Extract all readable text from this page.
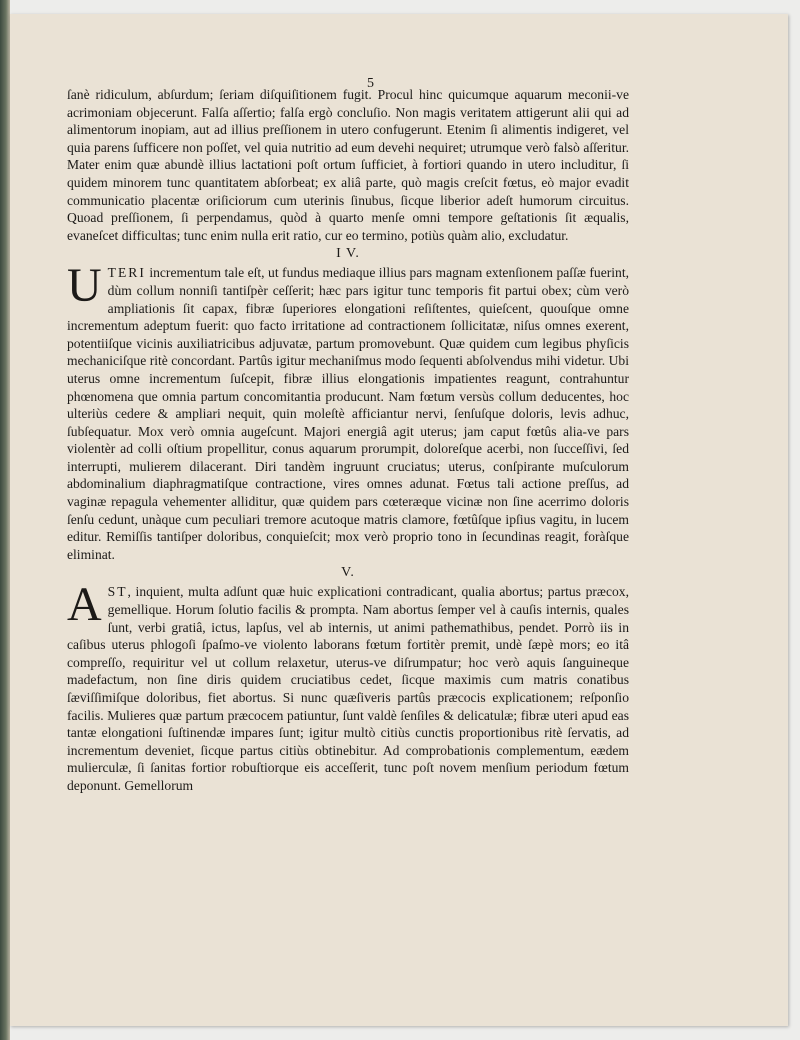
5

ſanè ridiculum, abſurdum; ſeriam diſquiſitionem fugit. Procul hinc quicumque aquarum meconii-ve acrimoniam objecerunt. Falſa aſſertio; falſa ergò concluſio. Non magis veritatem attigerunt alii qui ad alimentorum inopiam, aut ad illius preſſionem in utero confugerunt. Etenim ſi alimentis indigeret, vel quia parens ſufficere non poſſet, vel quia nutritio ad eum devehi nequiret; utrumque verò falsò aſſeritur. Mater enim quæ abundè illius lactationi poſt ortum ſufficiet, à fortiori quando in utero includitur, ſi quidem minorem tunc quantitatem abſorbeat; ex aliâ parte, quò magis creſcit fœtus, eò major evadit communicatio placentæ oriſiciorum cum uterinis ſinubus, ſicque liberior adeſt humorum circuitus. Quoad preſſionem, ſi perpendamus, quòd à quarto menſe omni tempore geſtationis ſit æqualis, evaneſcet difficultas; tunc enim nulla erit ratio, cur eo termino, potiùs quàm alio, excludatur.

I V.

UTERI incrementum tale eſt, ut fundus mediaque illius pars magnam extenſionem paſſæ fuerint, dùm collum nonniſi tantiſpèr ceſſerit; hæc pars igitur tunc temporis fit partui obex; cùm verò ampliationis ſit capax, fibræ ſuperiores elongationi reſiſtentes, quieſcent, quouſque omne incrementum adeptum fuerit: quo facto irritatione ad contractionem ſollicitatæ, niſus omnes exerent, potentiiſque vicinis auxiliatricibus adjuvatæ, partum promovebunt. Quæ quidem cum legibus phyſicis mechaniciſque ritè concordant. Partûs igitur mechaniſmus modo ſequenti abſolvendus mihi videtur. Ubi uterus omne incrementum ſuſcepit, fibræ illius elongationis impatientes reagunt, contrahuntur phœnomena que omnia partum concomitantia producunt. Nam fœtum versùs collum deducentes, hoc ulteriùs cedere & ampliari nequit, quin moleſtè afficiantur nervi, ſenſuſque doloris, levis adhuc, ſubſequatur. Mox verò omnia augeſcunt. Majori energiâ agit uterus; jam caput fœtûs alia-ve pars violentèr ad colli oſtium propellitur, conus aquarum prorumpit, doloreſque acerbi, non ſucceſſivi, ſed interrupti, mulierem dilacerant. Diri tandèm ingruunt cruciatus; uterus, conſpirante muſculorum abdominalium diaphragmatiſque contractione, vires omnes adunat. Fœtus tali actione preſſus, ad vaginæ repagula vehementer alliditur, quæ quidem pars cœteræque vicinæ non ſine acerrimo doloris ſenſu cedunt, unàque cum peculiari tremore acutoque matris clamore, fœtûſque ipſius vagitu, in lucem editur. Remiſſis tantiſper doloribus, conquieſcit; mox verò proprio tono in ſecundinas reagit, foràſque eliminat.

V.

AST, inquient, multa adſunt quæ huic explicationi contradicant, qualia abortus; partus præcox, gemellique. Horum ſolutio facilis & prompta. Nam abortus ſemper vel à cauſis internis, quales ſunt, verbi gratiâ, ictus, lapſus, vel ab internis, ut animi pathemathibus, pendet. Porrò iis in caſibus uterus phlogoſi ſpaſmo-ve violento laborans fœtum fortitèr premit, undè ſæpè mors; eo itâ compreſſo, requiritur vel ut collum relaxetur, uterus-ve diſrumpatur; hoc verò aquis ſanguineque madefactum, non ſine diris quidem cruciatibus cedet, ſicque maximis cum matris conatibus ſæviſſimiſque doloribus, fiet abortus. Si nunc quæſiveris partûs præcocis explicationem; reſponſio facilis. Mulieres quæ partum præcocem patiuntur, ſunt valdè ſenſiles & delicatulæ; fibræ uteri apud eas tantæ elongationi ſuſtinendæ impares ſunt; igitur multò citiùs cunctis proportionibus ritè ſervatis, ad incrementum deveniet, ſicque partus citiùs obtinebitur. Ad comprobationis complementum, eædem mulierculæ, ſi ſanitas fortior robuſtiorque eis acceſſerit, tunc poſt novem menſium periodum fœtum deponunt. Gemellorum
